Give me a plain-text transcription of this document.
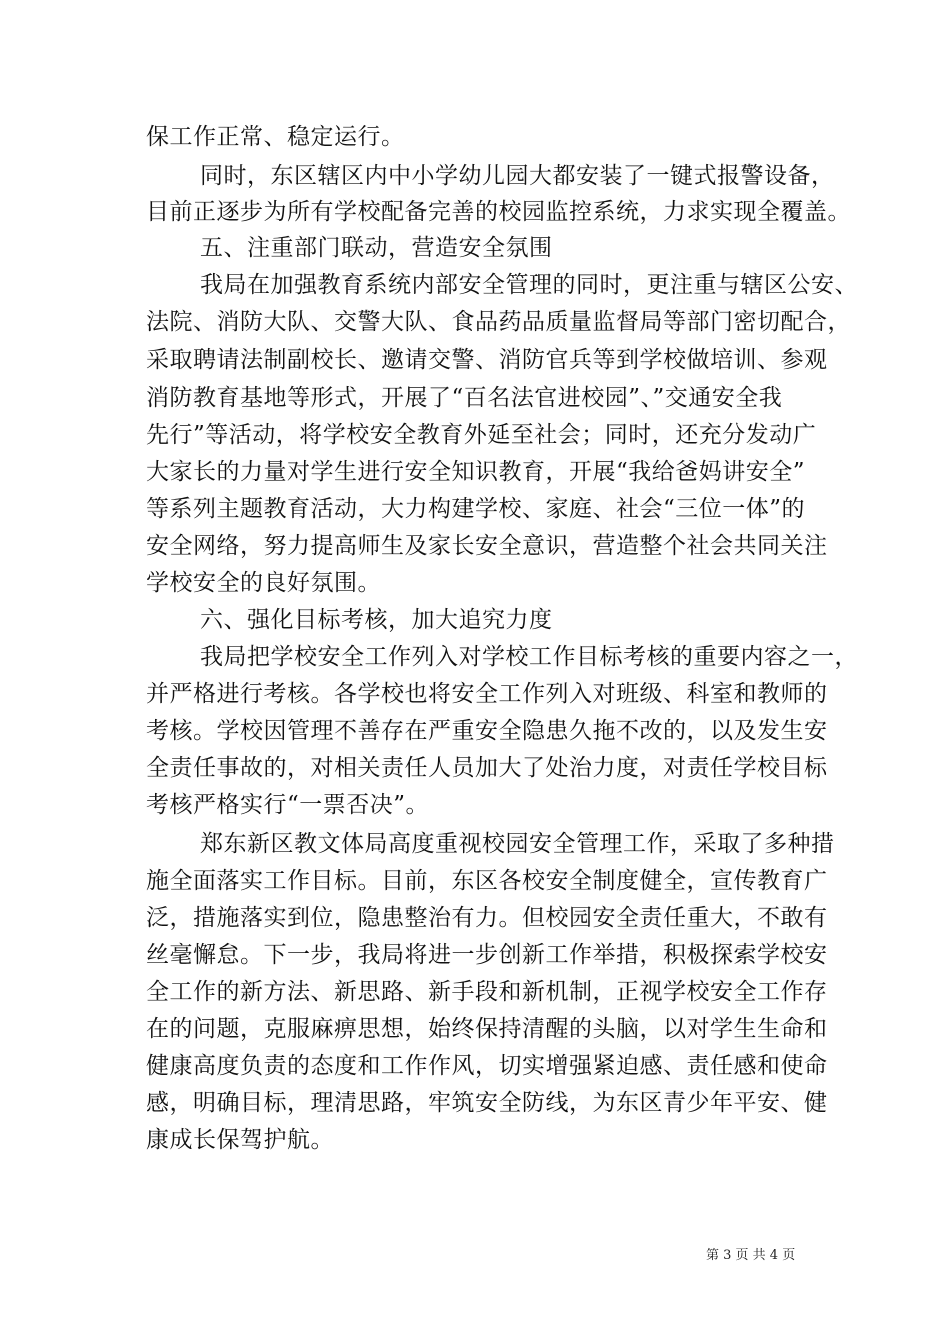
保工作正常、稳定运行。
同时，东区辖区内中小学幼儿园大都安装了一键式报警设备，
目前正逐步为所有学校配备完善的校园监控系统，力求实现全覆盖。
五、注重部门联动，营造安全氛围
我局在加强教育系统内部安全管理的同时，更注重与辖区公安、
法院、消防大队、交警大队、食品药品质量监督局等部门密切配合，
采取聘请法制副校长、邀请交警、消防官兵等到学校做培训、参观
消防教育基地等形式，开展了“百名法官进校园”、”交通安全我
先行”等活动，将学校安全教育外延至社会；同时，还充分发动广
大家长的力量对学生进行安全知识教育，开展“我给爸妈讲安全”
等系列主题教育活动，大力构建学校、家庭、社会“三位一体”的
安全网络，努力提高师生及家长安全意识，营造整个社会共同关注
学校安全的良好氛围。
六、强化目标考核，加大追究力度
我局把学校安全工作列入对学校工作目标考核的重要内容之一，
并严格进行考核。各学校也将安全工作列入对班级、科室和教师的
考核。学校因管理不善存在严重安全隐患久拖不改的，以及发生安
全责任事故的，对相关责任人员加大了处治力度，对责任学校目标
考核严格实行“一票否决”。
郑东新区教文体局高度重视校园安全管理工作，采取了多种措
施全面落实工作目标。目前，东区各校安全制度健全，宣传教育广
泛，措施落实到位，隐患整治有力。但校园安全责任重大，不敢有
丝毫懈怠。下一步，我局将进一步创新工作举措，积极探索学校安
全工作的新方法、新思路、新手段和新机制，正视学校安全工作存
在的问题，克服麻痹思想，始终保持清醒的头脑，以对学生生命和
健康高度负责的态度和工作作风，切实增强紧迫感、责任感和使命
感，明确目标，理清思路，牢筑安全防线，为东区青少年平安、健
康成长保驾护航。
第 3 页 共 4 页
